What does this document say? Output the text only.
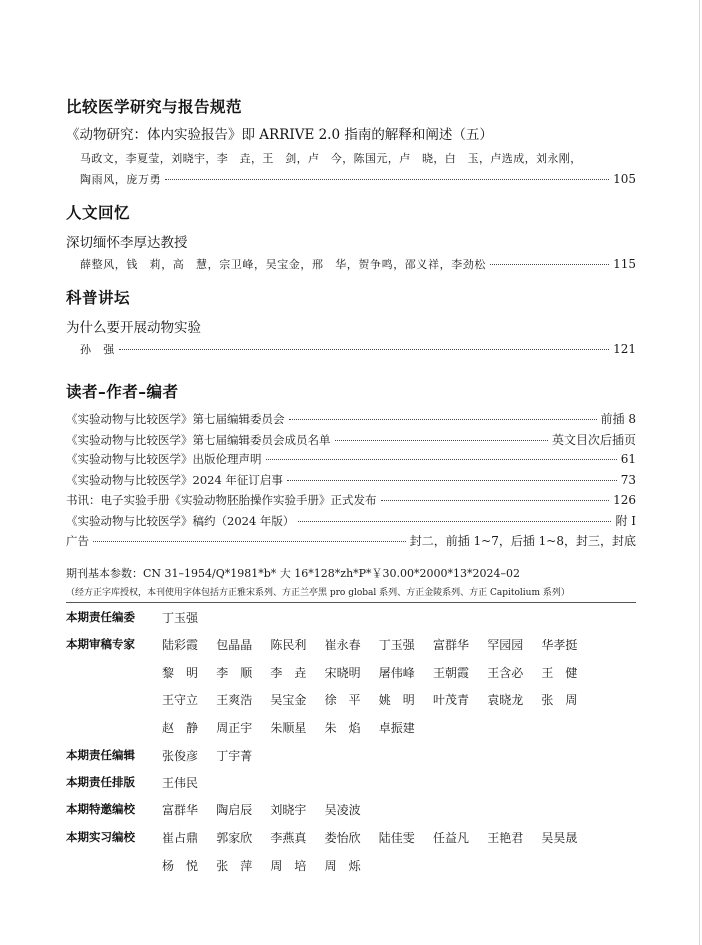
比较医学研究与报告规范
《动物研究：体内实验报告》即 ARRIVE 2.0 指南的解释和阐述（五）
马政文，李夏莹，刘晓宇，李　垚，王　剑，卢　今，陈国元，卢　晓，白　玉，卢选成，刘永刚，
陶雨风，庞万勇	105
人文回忆
深切缅怀李厚达教授
薛整风，钱　莉，高　慧，宗卫峰，吴宝金，邢　华，贺争鸣，邵义祥，李劲松	115
科普讲坛
为什么要开展动物实验
孙　强	121
读者–作者–编者
《实验动物与比较医学》第七届编辑委员会	前插 8
《实验动物与比较医学》第七届编辑委员会成员名单	英文目次后插页
《实验动物与比较医学》出版伦理声明	61
《实验动物与比较医学》2024 年征订启事	73
书讯：电子实验手册《实验动物胚胎操作实验手册》正式发布	126
《实验动物与比较医学》稿约（2024 年版）	附 I
广告	封二，前插 1~7，后插 1~8，封三，封底
期刊基本参数：CN 31–1954/Q*1981*b* 大 16*128*zh*P*￥30.00*2000*13*2024–02
（经方正字库授权，本刊使用字体包括方正雅宋系列、方正兰亭黑 pro global 系列、方正金陵系列、方正 Capitolium 系列）
本期责任编委 丁玉强
本期审稿专家 陆彩霞	包晶晶	陈民利	崔永春	丁玉强	富群华	罕园园	华孝挺
黎　明	李　顺	李　垚	宋晓明	屠伟峰	王朝霞	王含必	王　健
王守立	王爽浩	吴宝金	徐　平	姚　明	叶茂青	袁晓龙	张　周
赵　静	周正宇	朱顺星	朱　焰	卓振建
本期责任编辑 张俊彦	丁宇菁
本期责任排版 王伟民
本期特邀编校 富群华	陶启辰	刘晓宇	吴凌波
本期实习编校 崔占鼎	郭家欣	李燕真	娄怡欣	陆佳雯	任益凡	王艳君	吴昊晟
杨　悦	张　萍	周　培	周　烁
